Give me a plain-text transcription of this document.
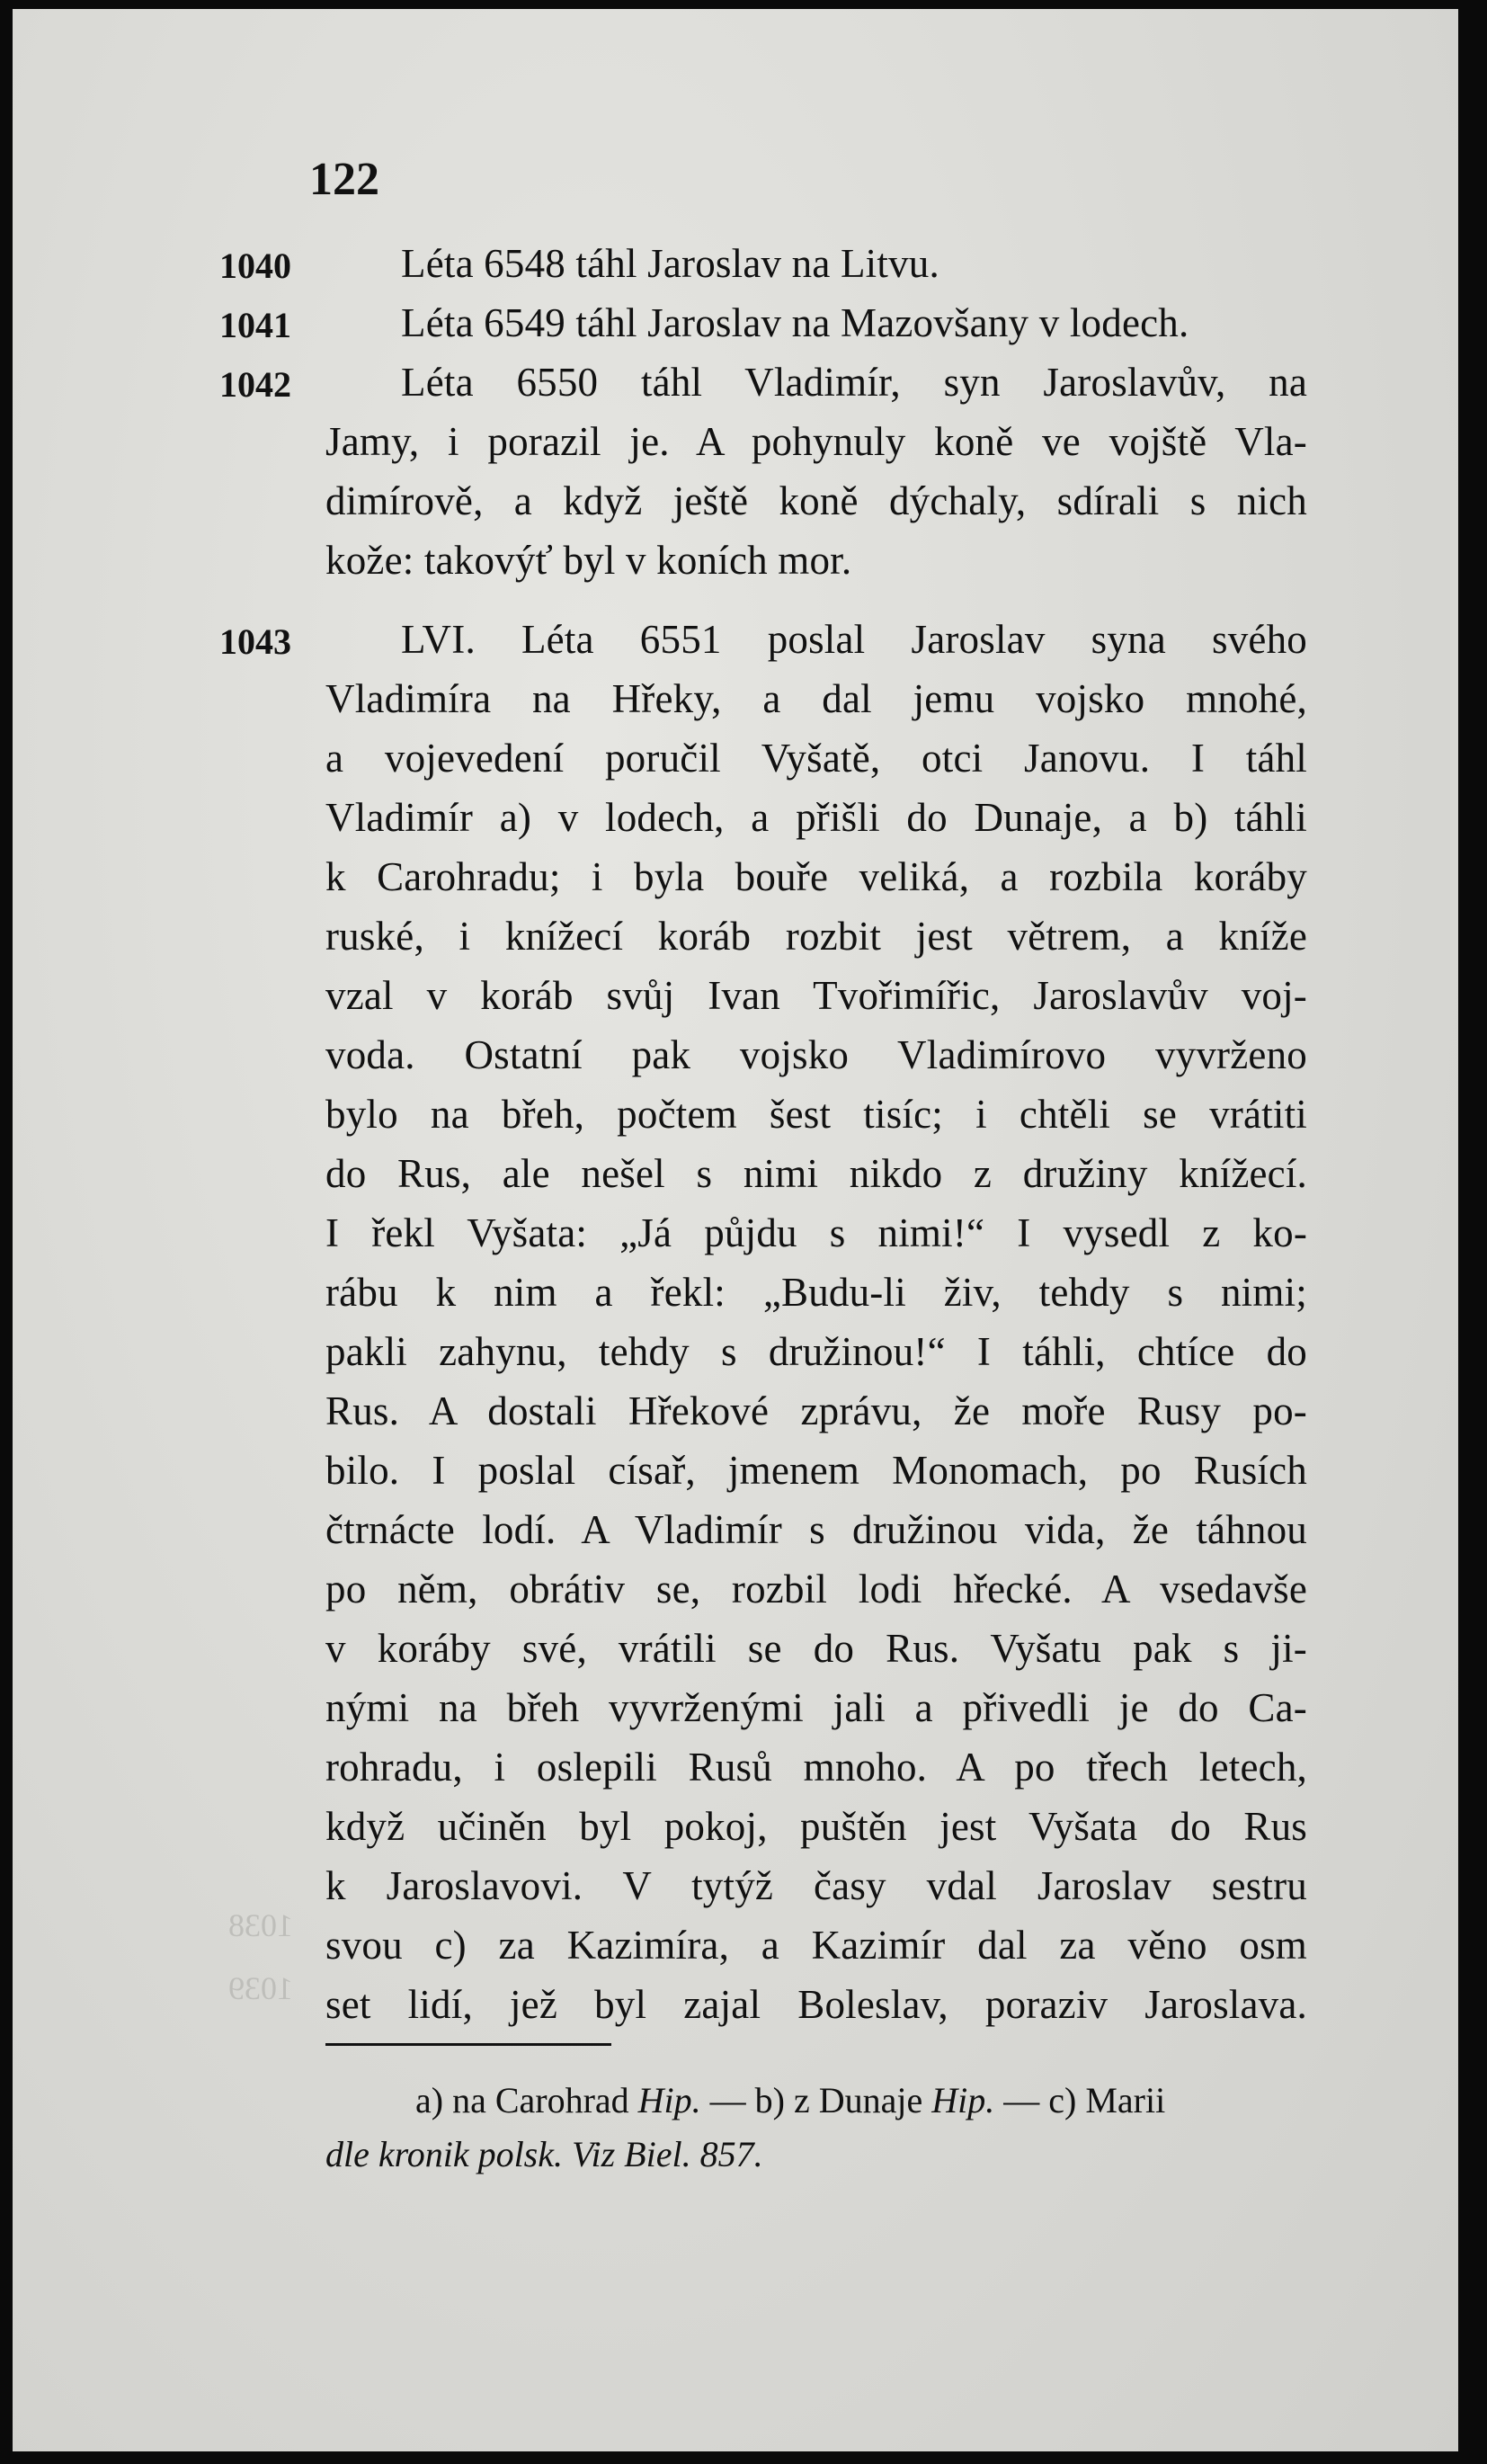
122
1038
1039
1040	Léta 6548 táhl Jaroslav na Litvu.
1041	Léta 6549 táhl Jaroslav na Mazovšany v lodech.
1042	Léta 6550 táhl Vladimír, syn Jaroslavův, na
Jamy, i porazil je. A pohynuly koně ve vojště Vla-
dimírově, a když ještě koně dýchaly, sdírali s nich
kože: takovýť byl v koních mor.
1043	LVI. Léta 6551 poslal Jaroslav syna svého
Vladimíra na Hřeky, a dal jemu vojsko mnohé,
a vojevedení poručil Vyšatě, otci Janovu. I táhl
Vladimír a) v lodech, a přišli do Dunaje, a b) táhli
k Carohradu; i byla bouře veliká, a rozbila koráby
ruské, i knížecí koráb rozbit jest větrem, a kníže
vzal v koráb svůj Ivan Tvořimířic, Jaroslavův voj-
voda. Ostatní pak vojsko Vladimírovo vyvrženo
bylo na břeh, počtem šest tisíc; i chtěli se vrátiti
do Rus, ale nešel s nimi nikdo z družiny knížecí.
I řekl Vyšata: „Já půjdu s nimi!“ I vysedl z ko-
rábu k nim a řekl: „Budu-li živ, tehdy s nimi;
pakli zahynu, tehdy s družinou!“ I táhli, chtíce do
Rus. A dostali Hřekové zprávu, že moře Rusy po-
bilo. I poslal císař, jmenem Monomach, po Rusích
čtrnácte lodí. A Vladimír s družinou vida, že táhnou
po něm, obrátiv se, rozbil lodi hřecké. A vsedavše
v koráby své, vrátili se do Rus. Vyšatu pak s ji-
nými na břeh vyvrženými jali a přivedli je do Ca-
rohradu, i oslepili Rusů mnoho. A po třech letech,
když učiněn byl pokoj, puštěn jest Vyšata do Rus
k Jaroslavovi. V tytýž časy vdal Jaroslav sestru
svou c) za Kazimíra, a Kazimír dal za věno osm
set lidí, jež byl zajal Boleslav, poraziv Jaroslava.
a) na Carohrad Hip. — b) z Dunaje Hip. — c) Marii
dle kronik polsk. Viz Biel. 857.
